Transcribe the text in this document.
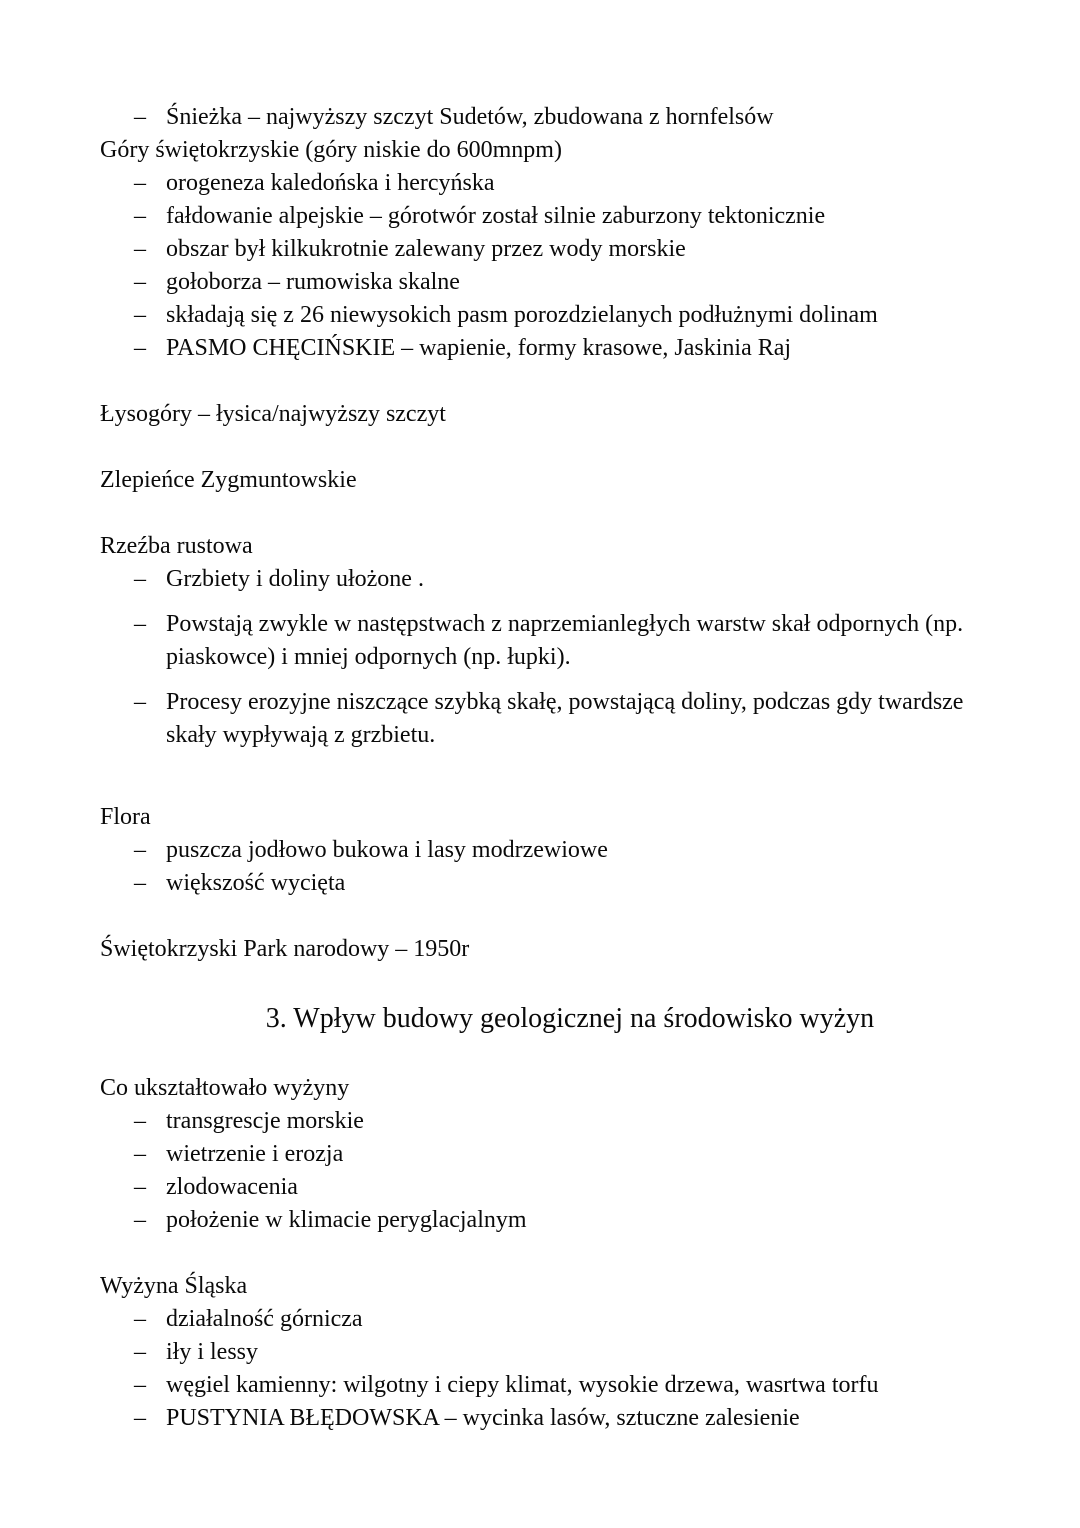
– Śnieżka – najwyższy szczyt Sudetów, zbudowana z hornfelsów

Góry świętokrzyskie (góry niskie do 600mnpm)

– orogeneza kaledońska i hercyńska
– fałdowanie alpejskie – górotwór został silnie zaburzony tektonicznie
– obszar był kilkukrotnie zalewany przez wody morskie
– gołoborza – rumowiska skalne
– składają się z 26 niewysokich pasm porozdzielanych podłużnymi dolinam
– PASMO CHĘCIŃSKIE – wapienie, formy krasowe, Jaskinia Raj

Łysogóry – łysica/najwyższy szczyt

Zlepieńce Zygmuntowskie

Rzeźba rustowa

– Grzbiety i doliny ułożone .
– Powstają zwykle w następstwach z naprzemianległych warstw skał odpornych (np. piaskowce) i mniej odpornych (np. łupki).
– Procesy erozyjne niszczące szybką skałę, powstającą doliny, podczas gdy twardsze skały wypływają z grzbietu.

Flora

– puszcza jodłowo bukowa i lasy modrzewiowe
– większość wycięta

Świętokrzyski Park narodowy – 1950r

3. Wpływ budowy geologicznej na środowisko wyżyn

Co ukształtowało wyżyny

– transgrescje morskie
– wietrzenie i erozja
– zlodowacenia
– położenie w klimacie peryglacjalnym

Wyżyna Śląska

– działalność górnicza
– iły i lessy
– węgiel kamienny: wilgotny i ciepy klimat, wysokie drzewa, wasrtwa torfu
– PUSTYNIA BŁĘDOWSKA – wycinka lasów, sztuczne zalesienie
